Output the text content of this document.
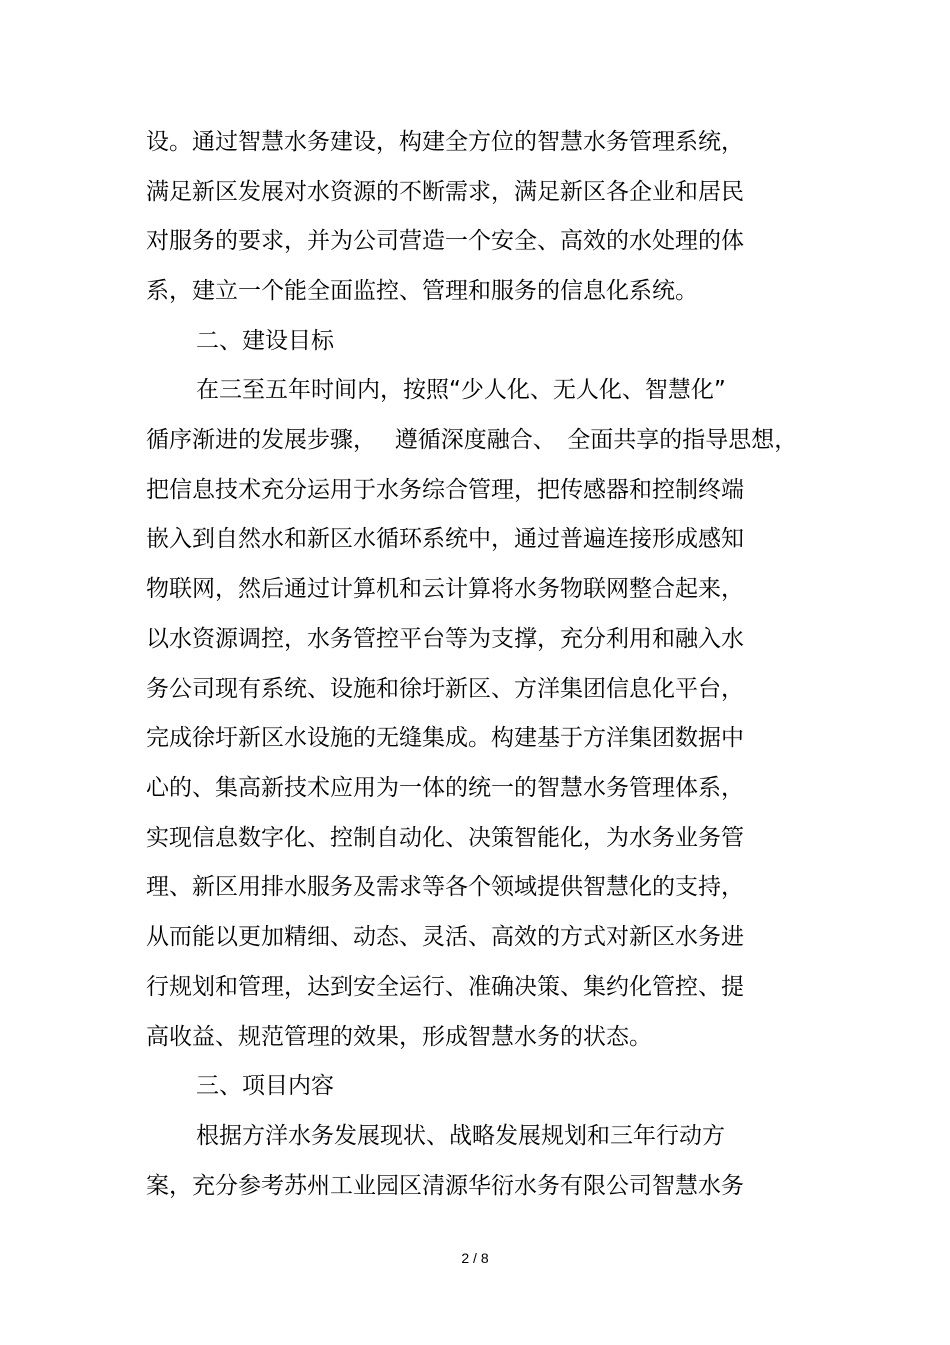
设。通过智慧水务建设，构建全方位的智慧水务管理系统，
满足新区发展对水资源的不断需求，满足新区各企业和居民
对服务的要求，并为公司营造一个安全、高效的水处理的体
系，建立一个能全面监控、管理和服务的信息化系统。
二、建设目标
在三至五年时间内，按照“少人化、无人化、智慧化”
循序渐进的发展步骤，　 遵循深度融合、　全面共享的指导思想，
把信息技术充分运用于水务综合管理，把传感器和控制终端
嵌入到自然水和新区水循环系统中，通过普遍连接形成感知
物联网，然后通过计算机和云计算将水务物联网整合起来，
以水资源调控，水务管控平台等为支撑，充分利用和融入水
务公司现有系统、设施和徐圩新区、方洋集团信息化平台，
完成徐圩新区水设施的无缝集成。构建基于方洋集团数据中
心的、集高新技术应用为一体的统一的智慧水务管理体系，
实现信息数字化、控制自动化、决策智能化，为水务业务管
理、新区用排水服务及需求等各个领域提供智慧化的支持，
从而能以更加精细、动态、灵活、高效的方式对新区水务进
行规划和管理，达到安全运行、准确决策、集约化管控、提
高收益、规范管理的效果，形成智慧水务的状态。
三、项目内容
根据方洋水务发展现状、战略发展规划和三年行动方
案，充分参考苏州工业园区清源华衍水务有限公司智慧水务
2 / 8
